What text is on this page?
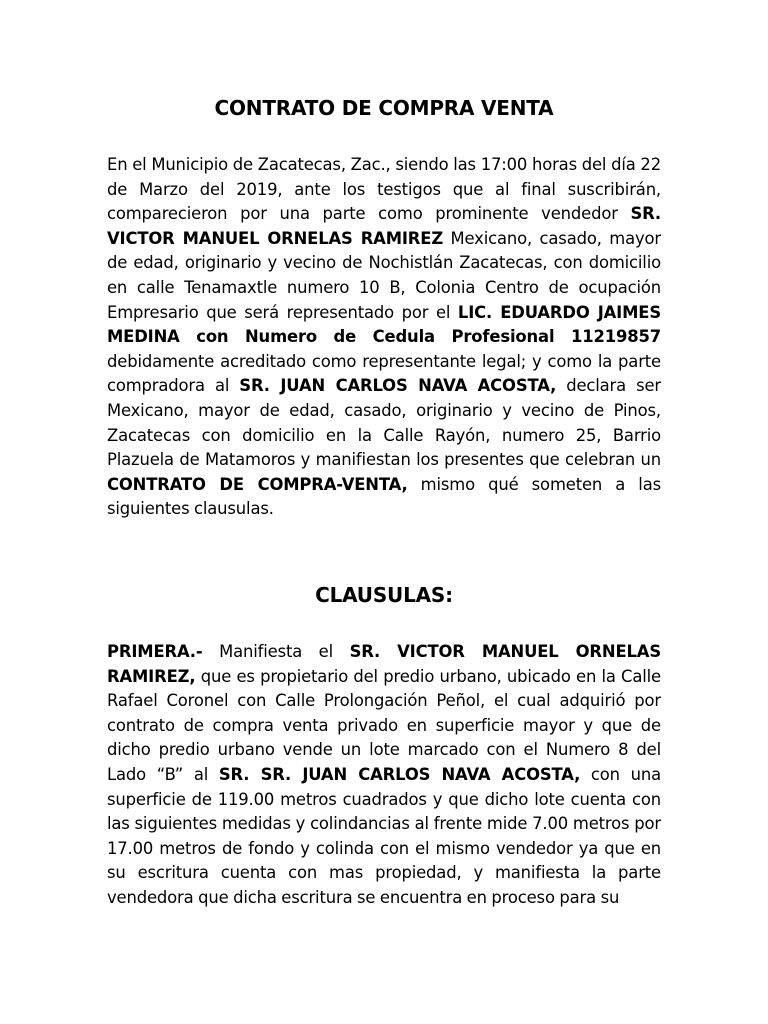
CONTRATO DE COMPRA VENTA

En el Municipio de Zacatecas, Zac., siendo las 17:00 horas del día 22 de Marzo del 2019, ante los testigos que al final suscribirán, comparecieron por una parte como prominente vendedor SR. VICTOR MANUEL ORNELAS RAMIREZ Mexicano, casado, mayor de edad, originario y vecino de Nochistlán Zacatecas, con domicilio en calle Tenamaxtle numero 10 B, Colonia Centro de ocupación Empresario que será representado por el LIC. EDUARDO JAIMES MEDINA con Numero de Cedula Profesional 11219857 debidamente acreditado como representante legal; y como la parte compradora al SR. JUAN CARLOS NAVA ACOSTA, declara ser Mexicano, mayor de edad, casado, originario y vecino de Pinos, Zacatecas con domicilio en la Calle Rayón, numero 25, Barrio Plazuela de Matamoros y manifiestan los presentes que celebran un CONTRATO DE COMPRA-VENTA, mismo qué someten a las siguientes clausulas.

CLAUSULAS:

PRIMERA.- Manifiesta el SR. VICTOR MANUEL ORNELAS RAMIREZ, que es propietario del predio urbano, ubicado en la Calle Rafael Coronel con Calle Prolongación Peñol, el cual adquirió por contrato de compra venta privado en superficie mayor y que de dicho predio urbano vende un lote marcado con el Numero 8 del Lado “B” al SR. SR. JUAN CARLOS NAVA ACOSTA, con una superficie de 119.00 metros cuadrados y que dicho lote cuenta con las siguientes medidas y colindancias al frente mide 7.00 metros por 17.00 metros de fondo y colinda con el mismo vendedor ya que en su escritura cuenta con mas propiedad, y manifiesta la parte vendedora que dicha escritura se encuentra en proceso para su
